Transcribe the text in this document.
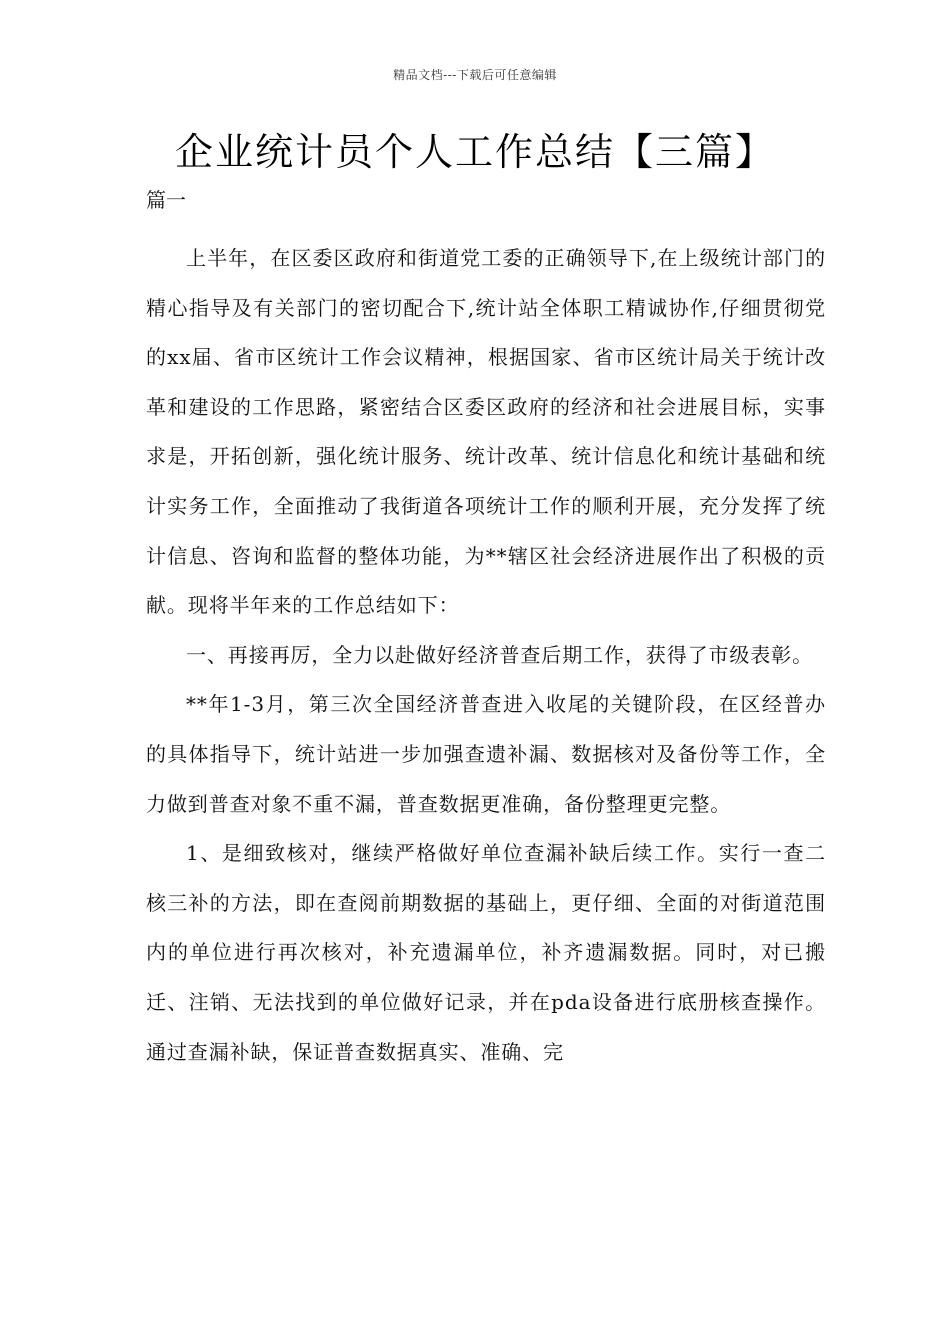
精品文档---下载后可任意编辑
企业统计员个人工作总结【三篇】
篇一

上半年，在区委区政府和街道党工委的正确领导下,在上级统计部门的精心指导及有关部门的密切配合下,统计站全体职工精诚协作,仔细贯彻党的xx届、省市区统计工作会议精神，根据国家、省市区统计局关于统计改革和建设的工作思路，紧密结合区委区政府的经济和社会进展目标，实事求是，开拓创新，强化统计服务、统计改革、统计信息化和统计基础和统计实务工作，全面推动了我街道各项统计工作的顺利开展，充分发挥了统计信息、咨询和监督的整体功能，为**辖区社会经济进展作出了积极的贡献。现将半年来的工作总结如下：

一、再接再厉，全力以赴做好经济普查后期工作，获得了市级表彰。

**年1-3月，第三次全国经济普查进入收尾的关键阶段，在区经普办的具体指导下，统计站进一步加强查遗补漏、数据核对及备份等工作，全力做到普查对象不重不漏，普查数据更准确，备份整理更完整。

1、是细致核对，继续严格做好单位查漏补缺后续工作。实行一查二核三补的方法，即在查阅前期数据的基础上，更仔细、全面的对街道范围内的单位进行再次核对，补充遗漏单位，补齐遗漏数据。同时，对已搬迁、注销、无法找到的单位做好记录，并在pda设备进行底册核查操作。通过查漏补缺，保证普查数据真实、准确、完
